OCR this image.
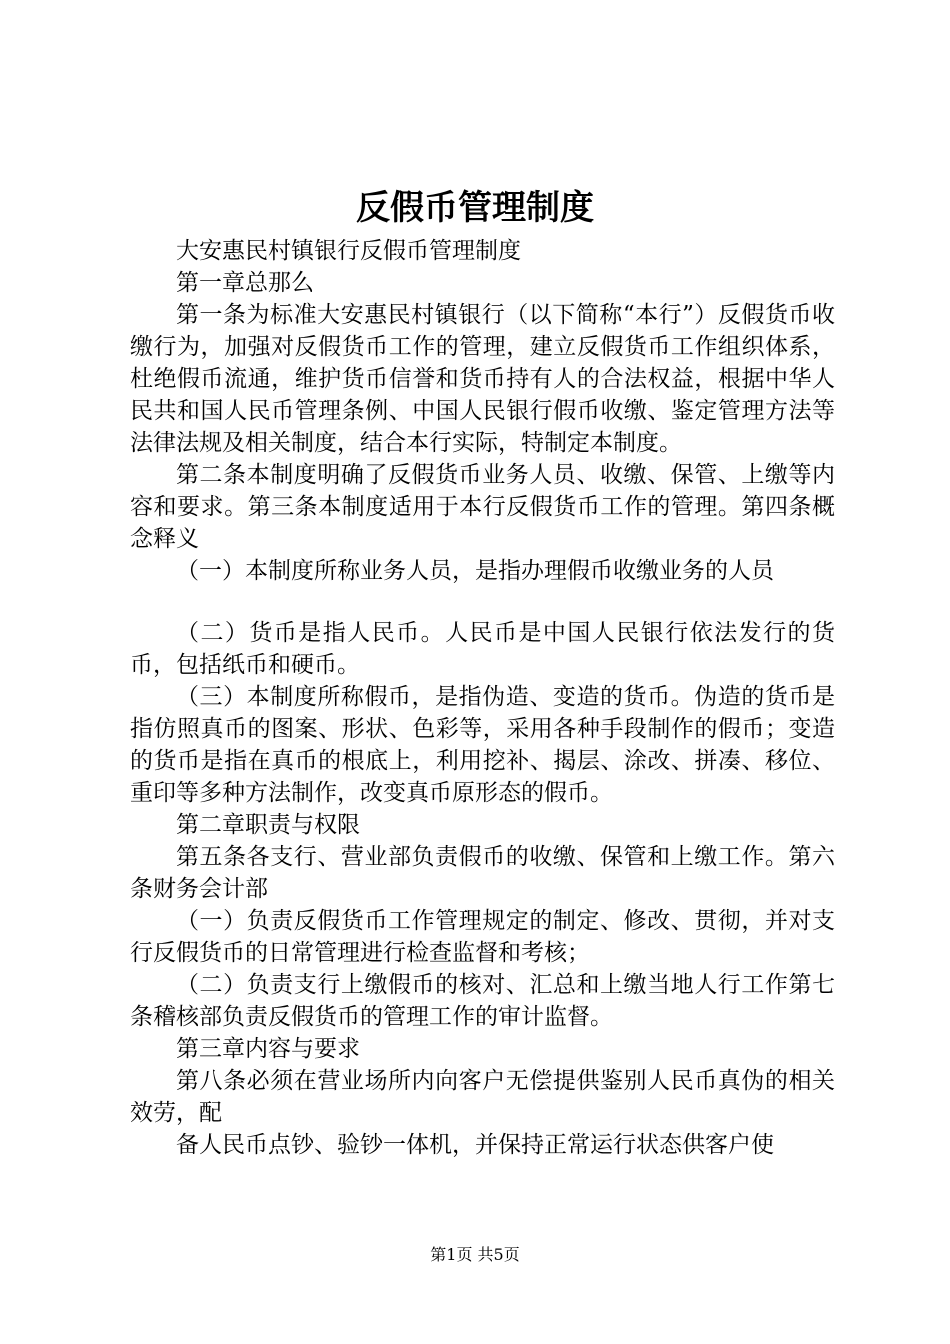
反假币管理制度

大安惠民村镇银行反假币管理制度

第一章总那么

第一条为标准大安惠民村镇银行（以下简称“本行”）反假货币收缴行为，加强对反假货币工作的管理，建立反假货币工作组织体系，杜绝假币流通，维护货币信誉和货币持有人的合法权益，根据中华人民共和国人民币管理条例、中国人民银行假币收缴、鉴定管理方法等法律法规及相关制度，结合本行实际，特制定本制度。

第二条本制度明确了反假货币业务人员、收缴、保管、上缴等内容和要求。第三条本制度适用于本行反假货币工作的管理。第四条概念释义

（一）本制度所称业务人员，是指办理假币收缴业务的人员

（二）货币是指人民币。人民币是中国人民银行依法发行的货币，包括纸币和硬币。

（三）本制度所称假币，是指伪造、变造的货币。伪造的货币是指仿照真币的图案、形状、色彩等，采用各种手段制作的假币；变造的货币是指在真币的根底上，利用挖补、揭层、涂改、拼凑、移位、重印等多种方法制作，改变真币原形态的假币。

第二章职责与权限

第五条各支行、营业部负责假币的收缴、保管和上缴工作。第六条财务会计部

（一）负责反假货币工作管理规定的制定、修改、贯彻，并对支行反假货币的日常管理进行检查监督和考核；

（二）负责支行上缴假币的核对、汇总和上缴当地人行工作第七条稽核部负责反假货币的管理工作的审计监督。

第三章内容与要求

第八条必须在营业场所内向客户无偿提供鉴别人民币真伪的相关效劳，配

备人民币点钞、验钞一体机，并保持正常运行状态供客户使

第1页 共5页
